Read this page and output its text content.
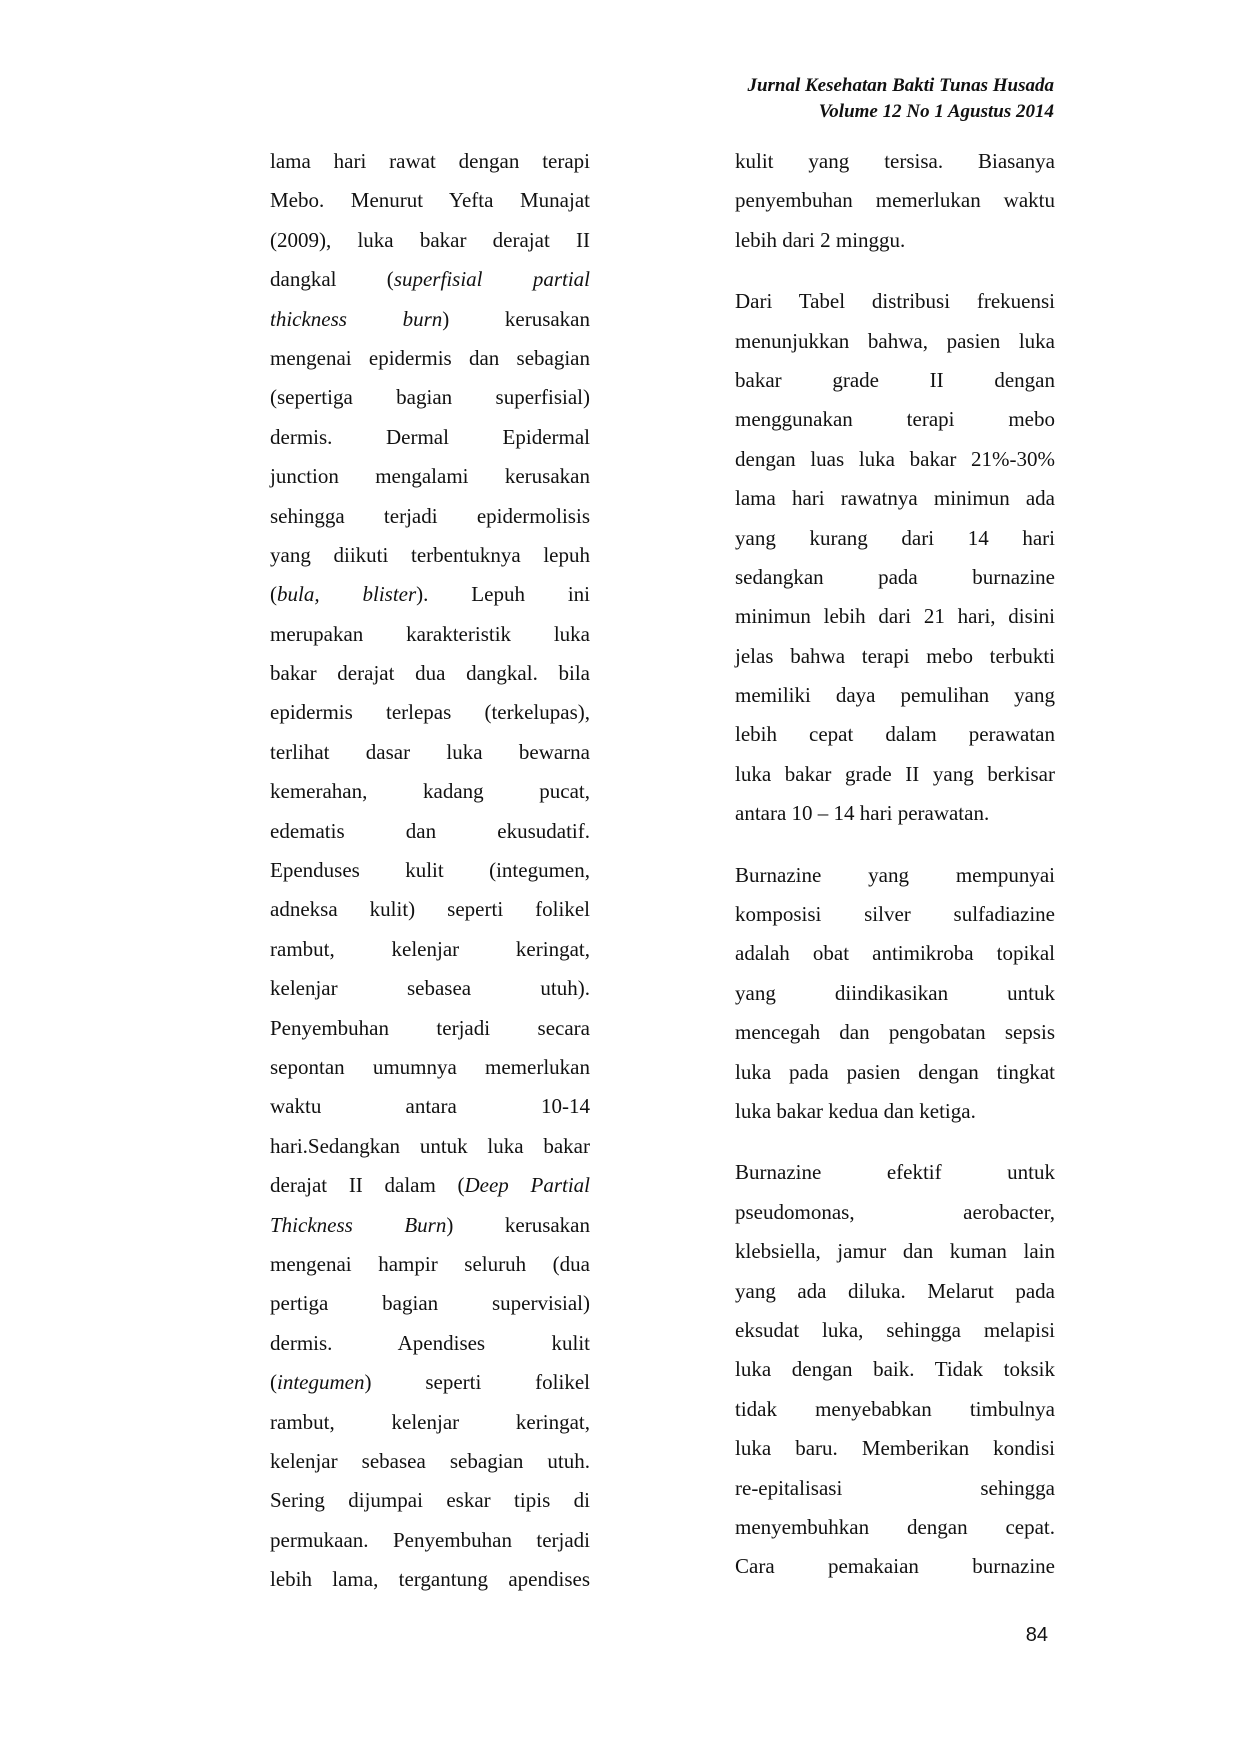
Jurnal Kesehatan Bakti Tunas Husada
Volume 12 No 1 Agustus 2014
lama hari rawat dengan terapi
Mebo. Menurut Yefta Munajat
(2009), luka bakar derajat II
dangkal (superfisial partial
thickness	burn) kerusakan
mengenai epidermis dan sebagian
(sepertiga bagian superfisial)
dermis. Dermal Epidermal
junction mengalami kerusakan
sehingga terjadi epidermolisis
yang diikuti terbentuknya lepuh
(bula, blister). Lepuh ini
merupakan karakteristik luka
bakar derajat dua dangkal. bila
epidermis terlepas (terkelupas),
terlihat dasar luka bewarna
kemerahan, kadang pucat,
edematis dan ekusudatif.
Ependuses kulit (integumen,
adneksa kulit) seperti folikel
rambut, kelenjar keringat,
kelenjar sebasea utuh).
Penyembuhan terjadi secara
sepontan umumnya memerlukan
waktu antara 10-14
hari.Sedangkan untuk luka bakar
derajat II dalam (Deep Partial
Thickness Burn) kerusakan
mengenai hampir seluruh (dua
pertiga bagian supervisial)
dermis. Apendises kulit
(integumen) seperti folikel
rambut, kelenjar keringat,
kelenjar sebasea sebagian utuh.
Sering dijumpai eskar tipis di
permukaan. Penyembuhan terjadi
lebih lama, tergantung apendises
kulit yang tersisa. Biasanya
penyembuhan memerlukan waktu
lebih dari 2 minggu.
Dari Tabel distribusi frekuensi
menunjukkan bahwa, pasien luka
bakar grade II dengan
menggunakan terapi mebo
dengan luas luka bakar 21%-30%
lama hari rawatnya minimun ada
yang kurang dari 14 hari
sedangkan pada burnazine
minimun lebih dari 21 hari, disini
jelas bahwa terapi mebo terbukti
memiliki daya pemulihan yang
lebih cepat dalam perawatan
luka bakar grade II yang berkisar
antara 10 – 14 hari perawatan.
Burnazine yang mempunyai
komposisi silver sulfadiazine
adalah obat antimikroba topikal
yang diindikasikan untuk
mencegah dan pengobatan sepsis
luka pada pasien dengan tingkat
luka bakar kedua dan ketiga.
Burnazine efektif untuk
pseudomonas, aerobacter,
klebsiella, jamur dan kuman lain
yang ada diluka. Melarut pada
eksudat luka, sehingga melapisi
luka dengan baik. Tidak toksik
tidak menyebabkan timbulnya
luka baru. Memberikan kondisi
re-epitalisasi sehingga
menyembuhkan dengan cepat.
Cara pemakaian burnazine
84
